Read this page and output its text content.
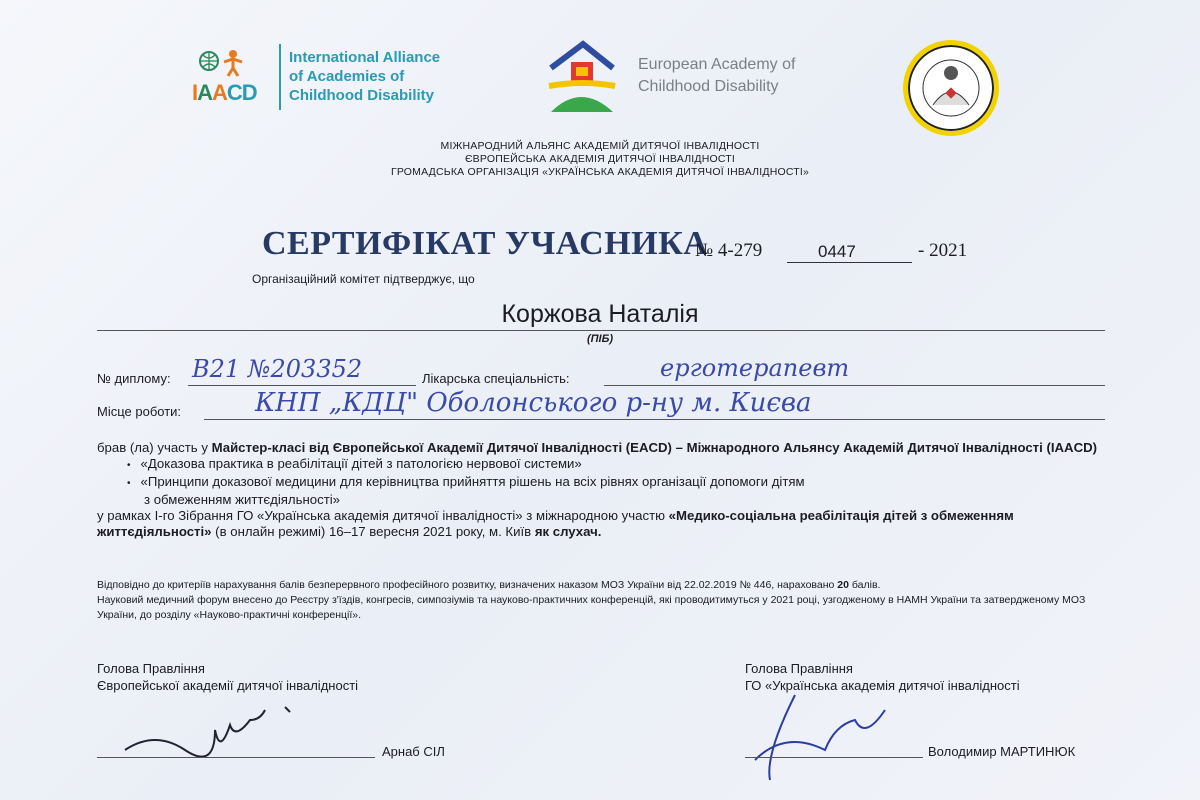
IAACD
International Alliance
of Academies of
Childhood Disability
European Academy of
Childhood Disability
МІЖНАРОДНИЙ АЛЬЯНС АКАДЕМІЙ ДИТЯЧОЇ ІНВАЛІДНОСТІ
ЄВРОПЕЙСЬКА АКАДЕМІЯ ДИТЯЧОЇ ІНВАЛІДНОСТІ
ГРОМАДСЬКА ОРГАНІЗАЦІЯ «УКРАЇНСЬКА АКАДЕМІЯ ДИТЯЧОЇ ІНВАЛІДНОСТІ»
СЕРТИФІКАТ УЧАСНИКА
№ 4-279	0447	- 2021
Організаційний комітет підтверджує, що
Коржова Наталія
(ПІБ)
№ диплому: В21 №203352	Лікарська спеціальність:	ерготерапевт
Місце роботи:	КНП „КДЦ" Оболонського р-ну м. Києва
брав (ла) участь у Майстер-класі від Європейської Академії Дитячої Інвалідності (EACD) – Міжнародного Альянсу Академій Дитячої Інвалідності (IAACD)
• «Доказова практика в реабілітації дітей з патологією нервової системи»
• «Принципи доказової медицини для керівництва прийняття рішень на всіх рівнях організації допомоги дітям
з обмеженням життєдіяльності»
у рамках І-го Зібрання ГО «Українська академія дитячої інвалідності» з міжнародною участю «Медико-соціальна реабілітація дітей з обмеженням життєдіяльності» (в онлайн режимі) 16–17 вересня 2021 року, м. Київ як слухач.
Відповідно до критеріїв нарахування балів безперервного професійного розвитку, визначених наказом МОЗ України від 22.02.2019 № 446, нараховано 20 балів.
Науковий медичний форум внесено до Реєстру з'їздів, конгресів, симпозіумів та науково-практичних конференцій, які проводитимуться у 2021 році, узгодженому в НАМН України та затвердженому МОЗ України, до розділу «Науково-практичні конференції».
Голова Правління
Європейської академії дитячої інвалідності
Арнаб СІЛ
Голова Правління
ГО «Українська академія дитячої інвалідності
Володимир МАРТИНЮК
